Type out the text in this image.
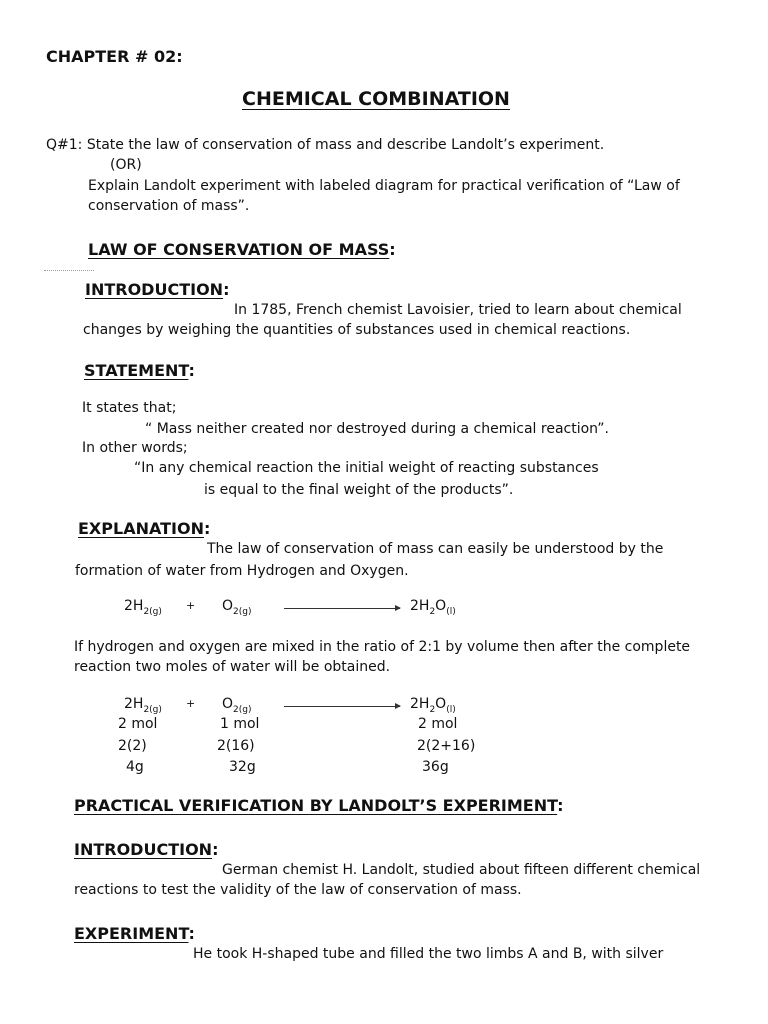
CHAPTER # 02:
CHEMICAL COMBINATION
Q#1: State the law of conservation of mass and describe Landolt’s experiment.
(OR)
Explain Landolt experiment with labeled diagram for practical verification of “Law of
conservation of mass”.
LAW OF CONSERVATION OF MASS:
INTRODUCTION:
In 1785, French chemist Lavoisier, tried to learn about chemical
changes by weighing the quantities of substances used in chemical reactions.
STATEMENT:
It states that;
“ Mass neither created nor destroyed during a chemical reaction”.
In other words;
“In any chemical reaction the initial weight of reacting substances
is equal to the final weight of the products”.
EXPLANATION:
The law of conservation of mass can easily be understood by the
formation of water from Hydrogen and Oxygen.
$2H_{2(g)} + O_{2(g)}$	$2H_2O_{(l)}$
If hydrogen and oxygen are mixed in the ratio of 2:1 by volume then after the complete
reaction two moles of water will be obtained.
$2H_{2(g)} + O_{2(g)}$	$2H_2O_{(l)}$
2 mol	1 mol	2 mol
2(2)	2(16)	2(2+16)
4g	32g	36g
PRACTICAL VERIFICATION BY LANDOLT’S EXPERIMENT:
INTRODUCTION:
German chemist H. Landolt, studied about fifteen different chemical
reactions to test the validity of the law of conservation of mass.
EXPERIMENT:
He took H-shaped tube and filled the two limbs A and B, with silver
